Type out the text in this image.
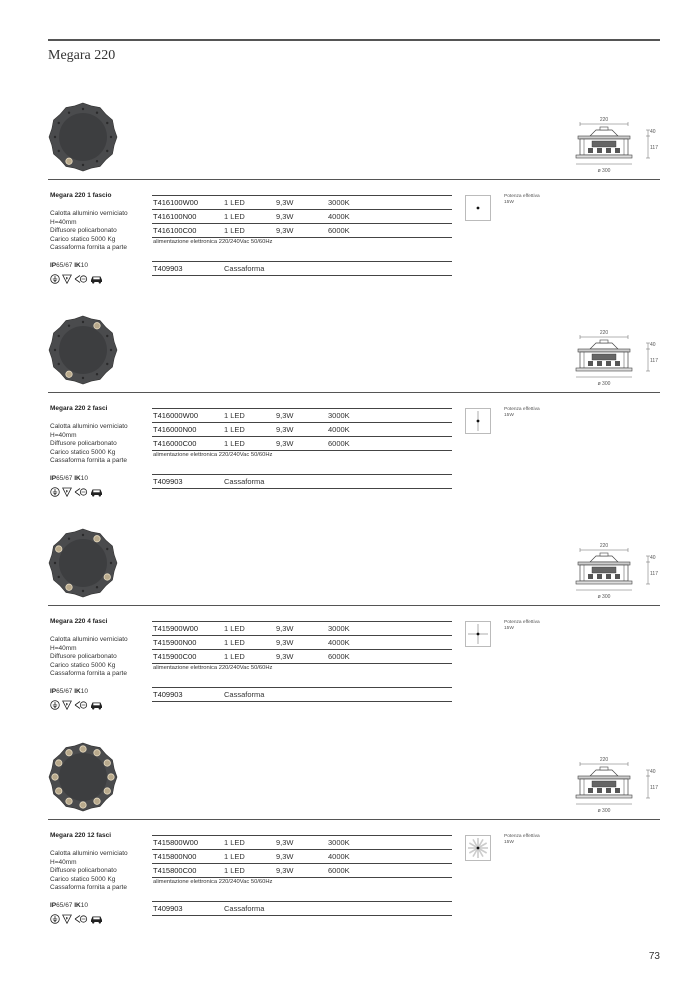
Megara 220
220
40
117
ø 300
Megara 220 1 fascio
Calotta alluminio verniciato
H=40mm
Diffusore policarbonato
Carico statico 5000 Kg
Cassaforma fornita a parte
IP65/67 IK10
F
T416100W00	1 LED	9,3W	3000K
T416100N00	1 LED	9,3W	4000K
T416100C00	1 LED	9,3W	6000K
alimentazione elettronica 220/240Vac 50/60Hz
T409903	Cassaforma
Potenza effettiva
15W
220
40
117
ø 300
Megara 220 2 fasci
Calotta alluminio verniciato
H=40mm
Diffusore policarbonato
Carico statico 5000 Kg
Cassaforma fornita a parte
IP65/67 IK10
F
T416000W00	1 LED	9,3W	3000K
T416000N00	1 LED	9,3W	4000K
T416000C00	1 LED	9,3W	6000K
alimentazione elettronica 220/240Vac 50/60Hz
T409903	Cassaforma
Potenza effettiva
15W
220
40
117
ø 300
Megara 220 4 fasci
Calotta alluminio verniciato
H=40mm
Diffusore policarbonato
Carico statico 5000 Kg
Cassaforma fornita a parte
IP65/67 IK10
F
T415900W00	1 LED	9,3W	3000K
T415900N00	1 LED	9,3W	4000K
T415900C00	1 LED	9,3W	6000K
alimentazione elettronica 220/240Vac 50/60Hz
T409903	Cassaforma
Potenza effettiva
15W
220
40
117
ø 300
Megara 220 12 fasci
Calotta alluminio verniciato
H=40mm
Diffusore policarbonato
Carico statico 5000 Kg
Cassaforma fornita a parte
IP65/67 IK10
F
T415800W00	1 LED	9,3W	3000K
T415800N00	1 LED	9,3W	4000K
T415800C00	1 LED	9,3W	6000K
alimentazione elettronica 220/240Vac 50/60Hz
T409903	Cassaforma
Potenza effettiva
15W
73
